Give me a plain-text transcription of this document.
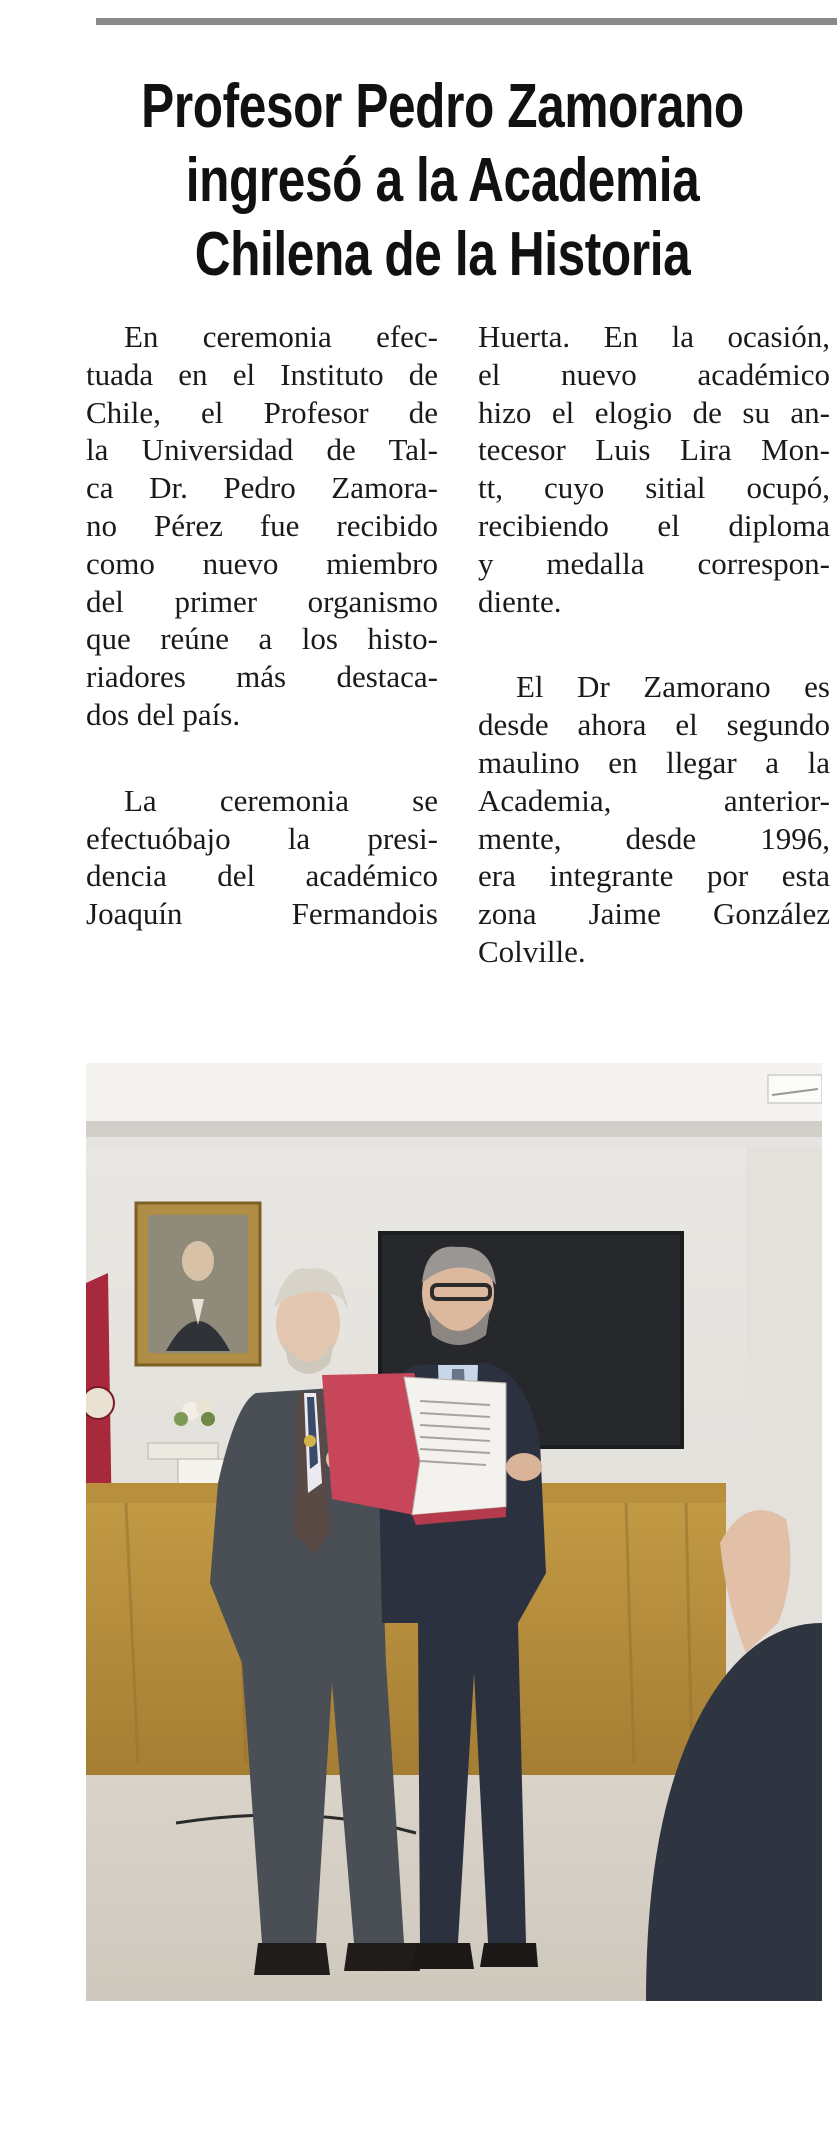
Profesor Pedro Zamorano
ingresó a la Academia
Chilena de la Historia
En ceremonia efec-
tuada en el Instituto de
Chile, el Profesor de
la Universidad de Tal-
ca Dr. Pedro Zamora-
no Pérez fue recibido
como nuevo miembro
del primer organismo
que reúne a los histo-
riadores más destaca-
dos del país.
La ceremonia se
efectuóbajo la presi-
dencia del académico
Joaquín Fermandois
Huerta. En la ocasión,
el nuevo académico
hizo el elogio de su an-
tecesor Luis Lira Mon-
tt, cuyo sitial ocupó,
recibiendo el diploma
y medalla correspon-
diente.
El Dr Zamorano es
desde ahora el segundo
maulino en llegar a la
Academia, anterior-
mente, desde 1996,
era integrante por esta
zona Jaime González
Colville.
